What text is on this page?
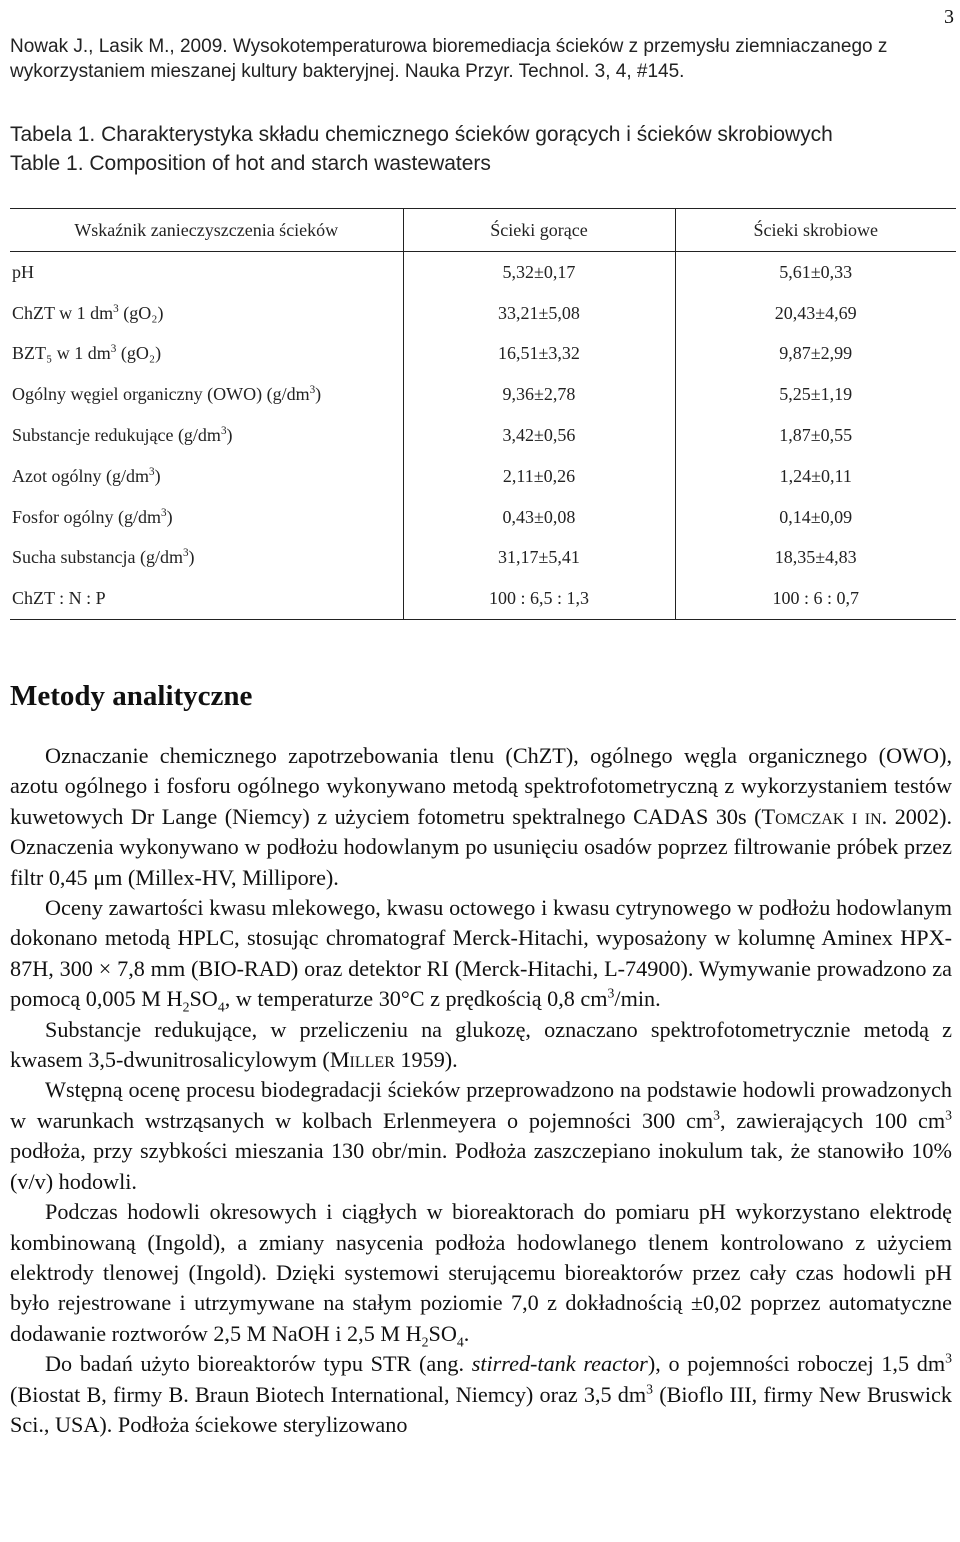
3
Nowak J., Lasik M., 2009. Wysokotemperaturowa bioremediacja ścieków z przemysłu ziemniaczanego z wykorzystaniem mieszanej kultury bakteryjnej. Nauka Przyr. Technol. 3, 4, #145.
Tabela 1. Charakterystyka składu chemicznego ścieków gorących i ścieków skrobiowych
Table 1. Composition of hot and starch wastewaters
Wskaźnik zanieczyszczenia ścieków	Ścieki gorące	Ścieki skrobiowe
pH	5,32±0,17	5,61±0,33
ChZT w 1 $dm^3$ (gO₂)	33,21±5,08	20,43±4,69
BZT₅ w 1 $dm^3$ (gO₂)	16,51±3,32	9,87±2,99
Ogólny węgiel organiczny (OWO) $(g/dm^3)$	9,36±2,78	5,25±1,19
Substancje redukujące $(g/dm^3)$	3,42±0,56	1,87±0,55
Azot ogólny $(g/dm^3)$	2,11±0,26	1,24±0,11
Fosfor ogólny $(g/dm^3)$	0,43±0,08	0,14±0,09
Sucha substancja $(g/dm^3)$	31,17±5,41	18,35±4,83
ChZT : N : P	100 : 6,5 : 1,3	100 : 6 : 0,7
Metody analityczne

Oznaczanie chemicznego zapotrzebowania tlenu (ChZT), ogólnego węgla organicznego (OWO), azotu ogólnego i fosforu ogólnego wykonywano metodą spektrofotometryczną z wykorzystaniem testów kuwetowych Dr Lange (Niemcy) z użyciem fotometru spektralnego CADAS 30s (Tomczak i in. 2002). Oznaczenia wykonywano w podłożu hodowlanym po usunięciu osadów poprzez filtrowanie próbek przez filtr 0,45 μm (Millex-HV, Millipore).

Oceny zawartości kwasu mlekowego, kwasu octowego i kwasu cytrynowego w podłożu hodowlanym dokonano metodą HPLC, stosując chromatograf Merck-Hitachi, wyposażony w kolumnę Aminex HPX-87H, 300 × 7,8 mm (BIO-RAD) oraz detektor RI (Merck-Hitachi, L-74900). Wymywanie prowadzono za pomocą 0,005 M $H_2SO_4$, w temperaturze 30°C z prędkością 0,8 $cm^3/\min$.

Substancje redukujące, w przeliczeniu na glukozę, oznaczano spektrofotometrycznie metodą z kwasem 3,5-dwunitrosalicylowym (Miller 1959).

Wstępną ocenę procesu biodegradacji ścieków przeprowadzono na podstawie hodowli prowadzonych w warunkach wstrząsanych w kolbach Erlenmeyera o pojemności 300 $cm^3$, zawierających 100 $cm^3$ podłoża, przy szybkości mieszania 130 obr/min. Podłoża zaszczepiano inokulum tak, że stanowiło 10% (v/v) hodowli.

Podczas hodowli okresowych i ciągłych w bioreaktorach do pomiaru pH wykorzystano elektrodę kombinowaną (Ingold), a zmiany nasycenia podłoża hodowlanego tlenem kontrolowano z użyciem elektrody tlenowej (Ingold). Dzięki systemowi sterującemu bioreaktorów przez cały czas hodowli pH było rejestrowane i utrzymywane na stałym poziomie 7,0 z dokładnością ±0,02 poprzez automatyczne dodawanie roztworów 2,5 M NaOH i 2,5 M $H_2SO_4$.

Do badań użyto bioreaktorów typu STR (ang. stirred-tank reactor), o pojemności roboczej 1,5 $dm^3$ (Biostat B, firmy B. Braun Biotech International, Niemcy) oraz 3,5 $dm^3$ (Bioflo III, firmy New Bruswick Sci., USA). Podłoża ściekowe sterylizowano
